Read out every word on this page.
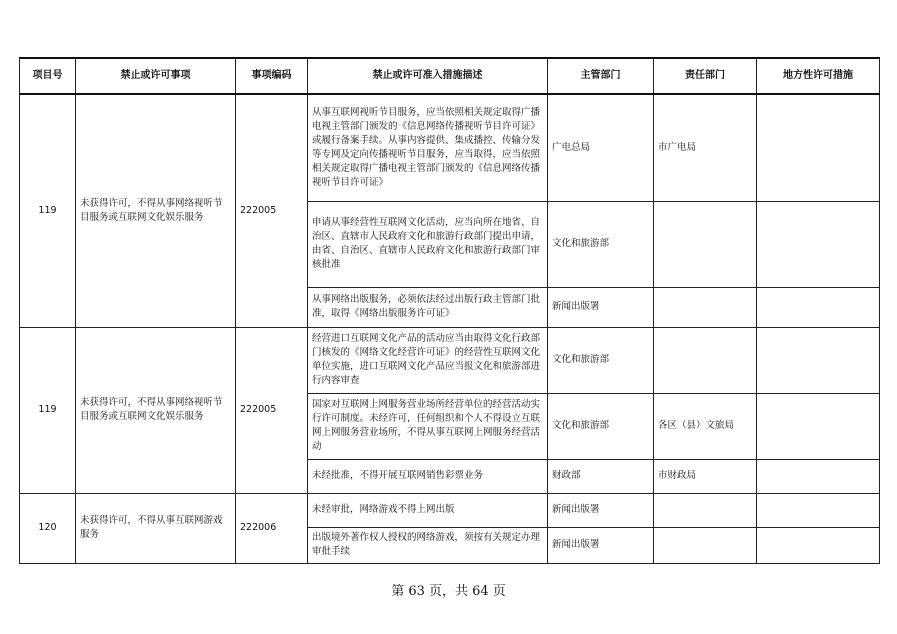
项目号	禁止或许可事项	事项编码	禁止或许可准入措施描述	主管部门	责任部门	地方性许可措施
119	未获得许可，不得从事网络视听节目服务或互联网文化娱乐服务	222005	从事互联网视听节目服务，应当依照相关规定取得广播电视主管部门颁发的《信息网络传播视听节目许可证》或履行备案手续。从事内容提供、集成播控、传输分发等专网及定向传播视听节目服务，应当取得，应当依照相关规定取得广播电视主管部门颁发的《信息网络传播视听节目许可证》	广电总局	市广电局	
			申请从事经营性互联网文化活动，应当向所在地省、自治区、直辖市人民政府文化和旅游行政部门提出申请，由省、自治区、直辖市人民政府文化和旅游行政部门审核批准	文化和旅游部		
			从事网络出版服务，必须依法经过出版行政主管部门批准，取得《网络出版服务许可证》	新闻出版署		
119	未获得许可，不得从事网络视听节目服务或互联网文化娱乐服务	222005	经营进口互联网文化产品的活动应当由取得文化行政部门核发的《网络文化经营许可证》的经营性互联网文化单位实施，进口互联网文化产品应当报文化和旅游部进行内容审查	文化和旅游部		
			国家对互联网上网服务营业场所经营单位的经营活动实行许可制度。未经许可，任何组织和个人不得设立互联网上网服务营业场所，不得从事互联网上网服务经营活动	文化和旅游部	各区（县）文旅局	
			未经批准，不得开展互联网销售彩票业务	财政部	市财政局	
120	未获得许可，不得从事互联网游戏服务	222006	未经审批，网络游戏不得上网出版	新闻出版署		
			出版境外著作权人授权的网络游戏，须按有关规定办理审批手续	新闻出版署		
第 63 页，共 64 页
